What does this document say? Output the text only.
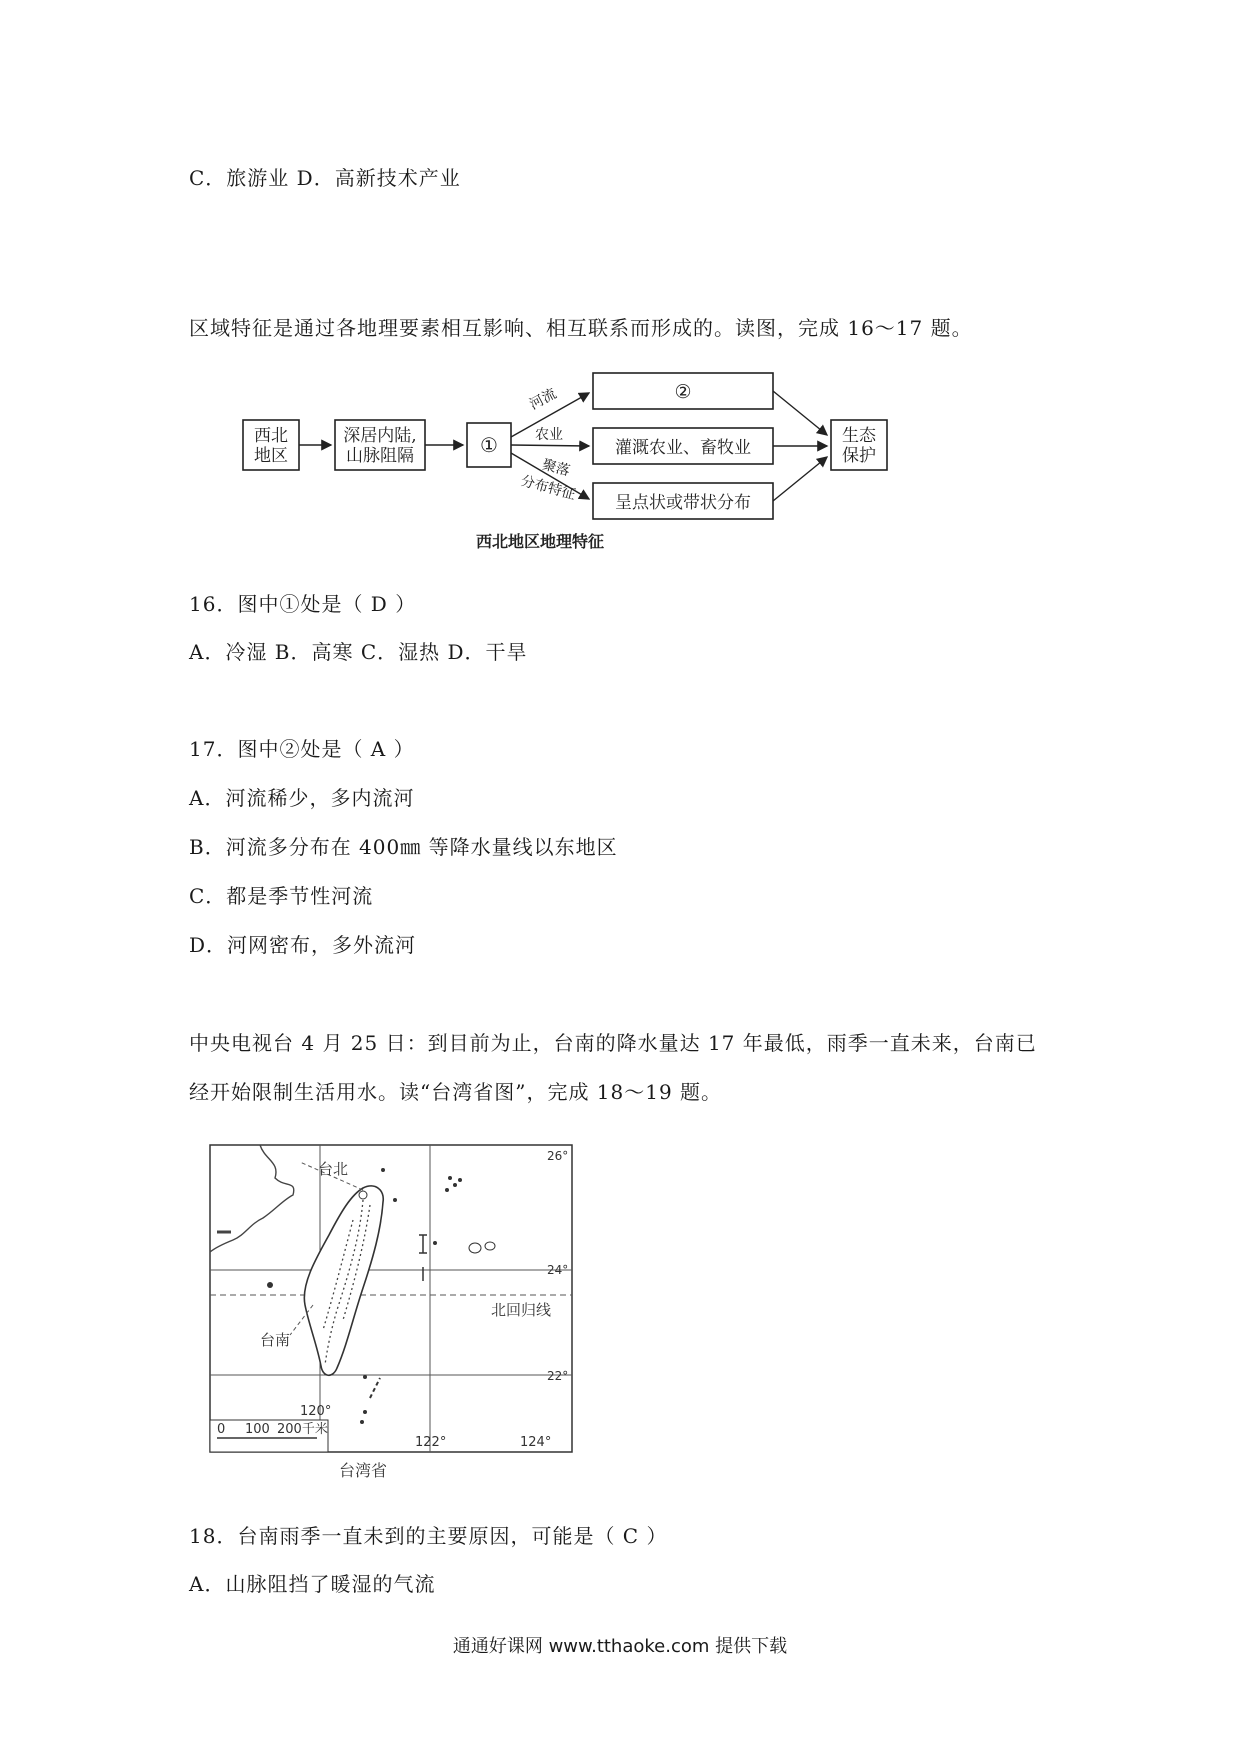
C．旅游业 D．高新技术产业
区域特征是通过各地理要素相互影响、相互联系而形成的。读图，完成 16～17 题。
西北
地区
深居内陆,
山脉阻隔	①
②
灌溉农业、畜牧业
呈点状或带状分布
生态
保护
河流
农业
聚落
分布特征
西北地区地理特征
16．图中①处是（ D ）
A．冷湿 B．高寒 C．湿热 D．干旱
17．图中②处是（ A ）
A．河流稀少，多内流河
B．河流多分布在 400㎜ 等降水量线以东地区
C．都是季节性河流
D．河网密布，多外流河
中央电视台 4 月 25 日：到目前为止，台南的降水量达 17 年最低，雨季一直未来，台南已
经开始限制生活用水。读“台湾省图”，完成 18～19 题。
台北
台南
北回归线
26°
24°
22°
120°
122°	124°
0 100 200千米
台湾省
18．台南雨季一直未到的主要原因，可能是（ C ）
A．山脉阻挡了暖湿的气流
通通好课网 www.tthaoke.com 提供下载
